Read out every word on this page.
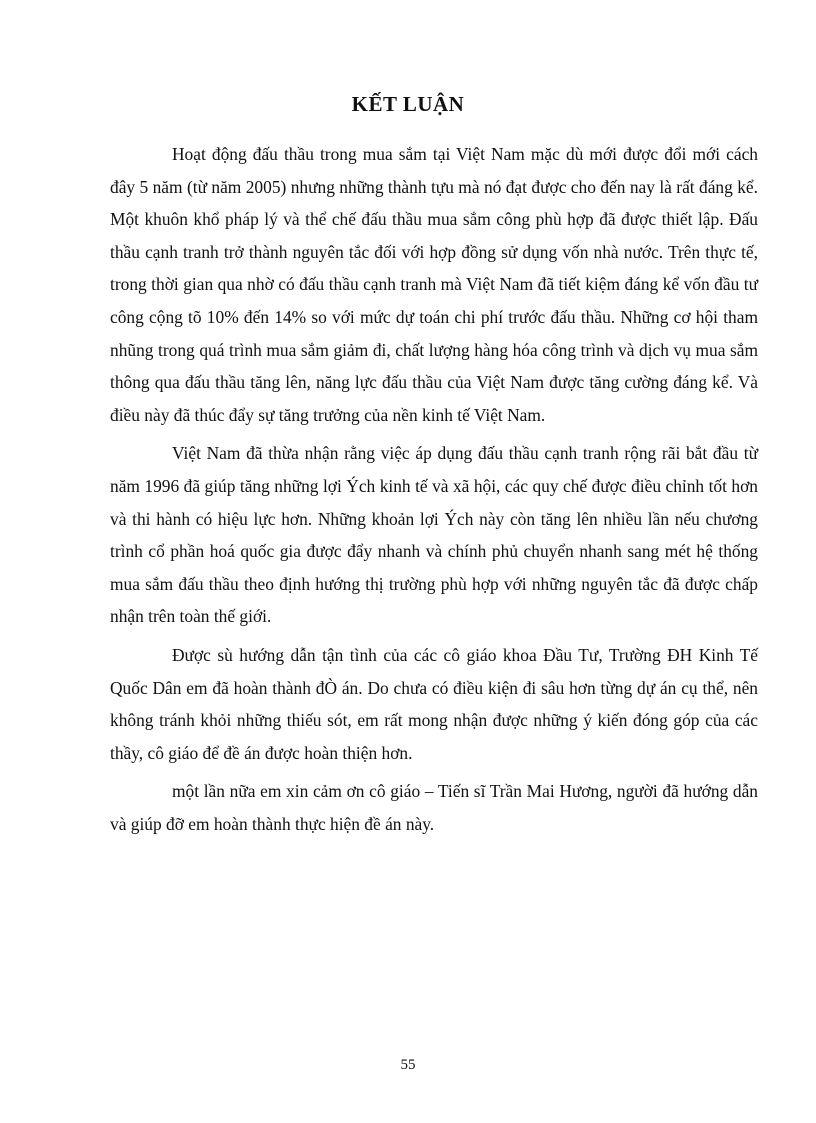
KẾT LUẬN

Hoạt động đấu thầu trong mua sắm tại Việt Nam mặc dù mới được đổi mới cách đây 5 năm (từ năm 2005) nhưng những thành tựu mà nó đạt được cho đến nay là rất đáng kể. Một khuôn khổ pháp lý và thể chế đấu thầu mua sắm công phù hợp đã được thiết lập. Đấu thầu cạnh tranh trở thành nguyên tắc đối với hợp đồng sử dụng vốn nhà nước. Trên thực tế, trong thời gian qua nhờ có đấu thầu cạnh tranh mà Việt Nam đã tiết kiệm đáng kể vốn đầu tư công cộng tõ 10% đến 14% so với mức dự toán chi phí trước đấu thầu. Những cơ hội tham nhũng trong quá trình mua sắm giảm đi, chất lượng hàng hóa công trình và dịch vụ mua sắm thông qua đấu thầu tăng lên, năng lực đấu thầu của Việt Nam được tăng cường đáng kể. Và điều này đã thúc đẩy sự tăng trưởng của nền kinh tế Việt Nam.

Việt Nam đã thừa nhận rằng việc áp dụng đấu thầu cạnh tranh rộng rãi bắt đầu từ năm 1996 đã giúp tăng những lợi Ých kinh tế và xã hội, các quy chế được điều chỉnh tốt hơn và thi hành có hiệu lực hơn. Những khoản lợi Ých này còn tăng lên nhiều lần nếu chương trình cổ phần hoá quốc gia được đẩy nhanh và chính phủ chuyển nhanh sang mét hệ thống mua sắm đấu thầu theo định hướng thị trường phù hợp với những nguyên tắc đã được chấp nhận trên toàn thế giới.

Được sù hướng dẫn tận tình của các cô giáo khoa Đầu Tư, Trường ĐH Kinh Tế Quốc Dân em đã hoàn thành đÒ án. Do chưa có điều kiện đi sâu hơn từng dự án cụ thể, nên không tránh khỏi những thiếu sót, em rất mong nhận được những ý kiến đóng góp của các thầy, cô giáo để đề án được hoàn thiện hơn.

một lần nữa em xin cảm ơn cô giáo – Tiến sĩ Trần Mai Hương, người đã hướng dẫn và giúp đỡ em hoàn thành thực hiện đề án này.

55
